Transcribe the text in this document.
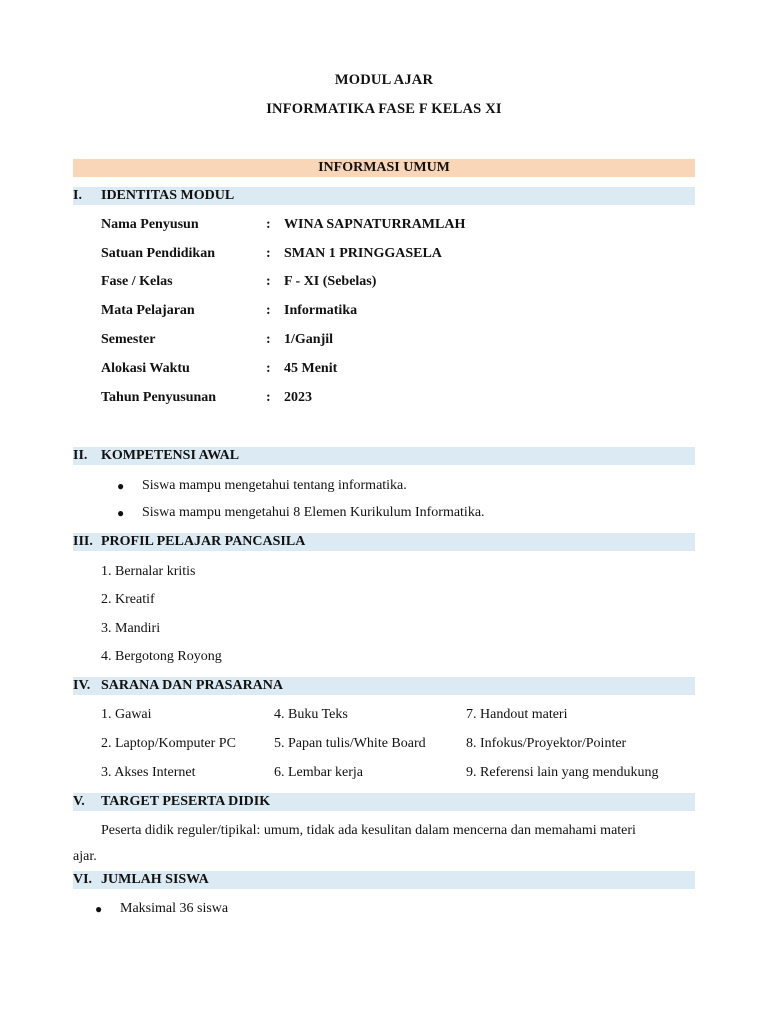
MODUL AJAR
INFORMATIKA FASE F KELAS XI
INFORMASI UMUM
I. IDENTITAS MODUL
Nama Penyusun	: WINA SAPNATURRAMLAH
Satuan Pendidikan	: SMAN 1 PRINGGASELA
Fase / Kelas	: F - XI (Sebelas)
Mata Pelajaran	: Informatika
Semester	: 1/Ganjil
Alokasi Waktu	: 45 Menit
Tahun Penyusunan	: 2023
II. KOMPETENSI AWAL
● Siswa mampu mengetahui tentang informatika.
● Siswa mampu mengetahui 8 Elemen Kurikulum Informatika.
III. PROFIL PELAJAR PANCASILA
1. Bernalar kritis
2. Kreatif
3. Mandiri
4. Bergotong Royong
IV. SARANA DAN PRASARANA
1. Gawai	4. Buku Teks	7. Handout materi
2. Laptop/Komputer PC	5. Papan tulis/White Board	8. Infokus/Proyektor/Pointer
3. Akses Internet	6. Lembar kerja	9. Referensi lain yang mendukung
V. TARGET PESERTA DIDIK
Peserta didik reguler/tipikal: umum, tidak ada kesulitan dalam mencerna dan memahami materi
ajar.
VI. JUMLAH SISWA
● Maksimal 36 siswa
